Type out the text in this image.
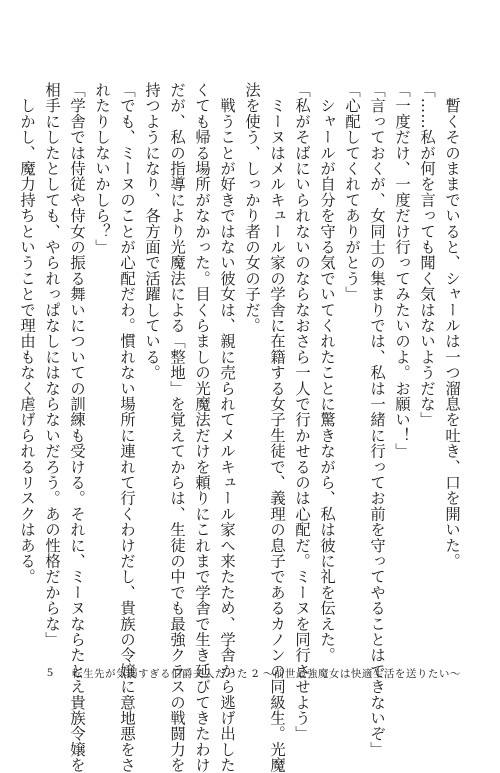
　暫くそのままでいると、シャールは一つ溜息を吐き、口を開いた。
「……私が何を言っても聞く気はないようだな」
「一度だけ、一度だけ行ってみたいのよ。お願い！」
「言っておくが、女同士の集まりでは、私は一緒に行ってお前を守ってやることはできないぞ」
「心配してくれてありがとう」
　シャールが自分を守る気でいてくれたことに驚きながら、私は彼に礼を伝えた。
「私がそばにいられないのならなおさら一人で行かせるのは心配だ。ミーヌを同行させよう」
　ミーヌはメルキュール家の学舎に在籍する女子生徒で、義理の息子であるカノンの同級生。光魔
法を使う、しっかり者の女の子だ。
　戦うことが好きではない彼女は、親に売られてメルキュール家へ来たため、学舎から逃げ出した
くても帰る場所がなかった。目くらましの光魔法だけを頼りにこれまで学舎で生き延びてきたわけ
だが、私の指導により光魔法による「整地」を覚えてからは、生徒の中でも最強クラスの戦闘力を
持つようになり、各方面で活躍している。
「でも、ミーヌのことが心配だわ。慣れない場所に連れて行くわけだし、貴族の令嬢に意地悪をさ
れたりしないかしら？」
「学舎では侍従や侍女の振る舞いについての訓練も受ける。それに、ミーヌならたとえ貴族令嬢を
相手にしたとしても、やられっぱなしにはならないだろう。あの性格だからな」
　しかし、魔力持ちということで理由もなく虐げられるリスクはある。
5 転生先が気弱すぎる伯爵夫人だった 2 ～前世最強魔女は快適生活を送りたい～
